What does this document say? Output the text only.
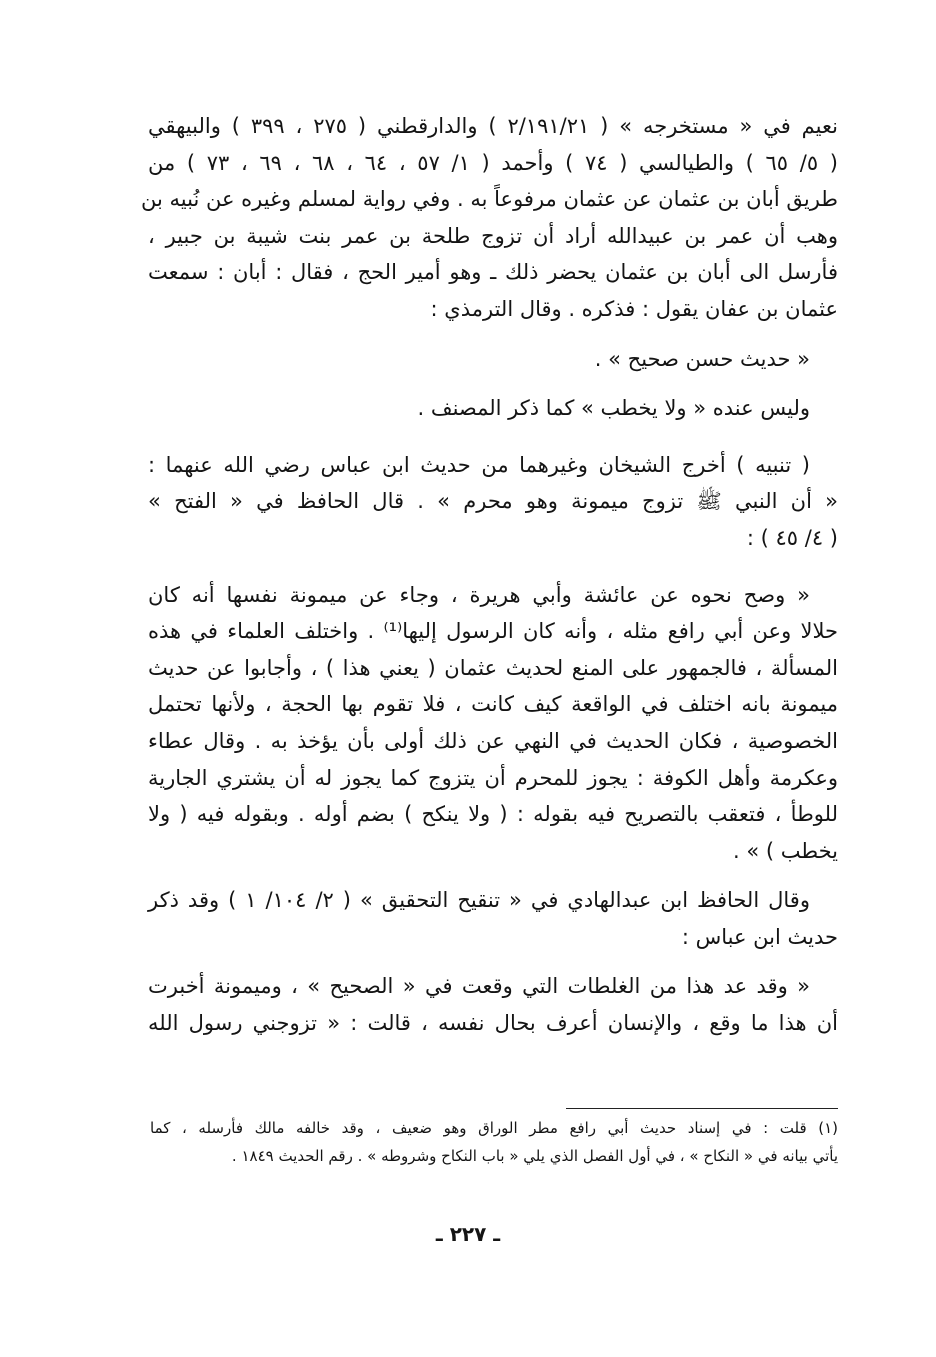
نعيم في « مستخرجه » ( ٢/١٩١/٢١ ) والدارقطني ( ٢٧٥ ، ٣٩٩ ) والبيهقي
( ٥/ ٦٥ ) والطيالسي ( ٧٤ ) وأحمد ( ١/ ٥٧ ، ٦٤ ، ٦٨ ، ٦٩ ، ٧٣ ) من
طريق أبان بن عثمان عن عثمان مرفوعاً به . وفي رواية لمسلم وغيره عن نُبيه بن
وهب أن عمر بن عبيدالله أراد أن تزوج طلحة بن عمر بنت شيبة بن جبير ،
فأرسل الى أبان بن عثمان يحضر ذلك ـ وهو أمير الحج ، فقال : أبان : سمعت
عثمان بن عفان يقول : فذكره . وقال الترمذي :
« حديث حسن صحيح » .
وليس عنده « ولا يخطب » كما ذكر المصنف .
( تنبيه ) أخرج الشيخان وغيرهما من حديث ابن عباس رضي الله عنهما :
« أن النبي ﷺ تزوج ميمونة وهو محرم » . قال الحافظ في « الفتح »
( ٤/ ٤٥ ) :
« وصح نحوه عن عائشة وأبي هريرة ، وجاء عن ميمونة نفسها أنه كان
حلالا وعن أبي رافع مثله ، وأنه كان الرسول إليها⁽¹⁾ . واختلف العلماء في هذه
المسألة ، فالجمهور على المنع لحديث عثمان ( يعني هذا ) ، وأجابوا عن حديث
ميمونة بانه اختلف في الواقعة كيف كانت ، فلا تقوم بها الحجة ، ولأنها تحتمل
الخصوصية ، فكان الحديث في النهي عن ذلك أولى بأن يؤخذ به . وقال عطاء
وعكرمة وأهل الكوفة : يجوز للمحرم أن يتزوج كما يجوز له أن يشتري الجارية
للوطأ ، فتعقب بالتصريح فيه بقوله : ( ولا ينكح ) بضم أوله . وبقوله فيه ( ولا
يخطب ) » .
وقال الحافظ ابن عبدالهادي في « تنقيح التحقيق » ( ٢/ ١٠٤/ ١ ) وقد ذكر
حديث ابن عباس :
« وقد عد هذا من الغلطات التي وقعت في « الصحيح » ، وميمونة أخبرت
أن هذا ما وقع ، والإنسان أعرف بحال نفسه ، قالت : « تزوجني رسول الله
(١) قلت : في إسناد حديث أبي رافع مطر الوراق وهو ضعيف ، وقد خالفه مالك فأرسله ، كما
يأتي بيانه في « النكاح » ، في أول الفصل الذي يلي « باب النكاح وشروطه » . رقم الحديث ١٨٤٩ .
ـ ٢٢٧ ـ
